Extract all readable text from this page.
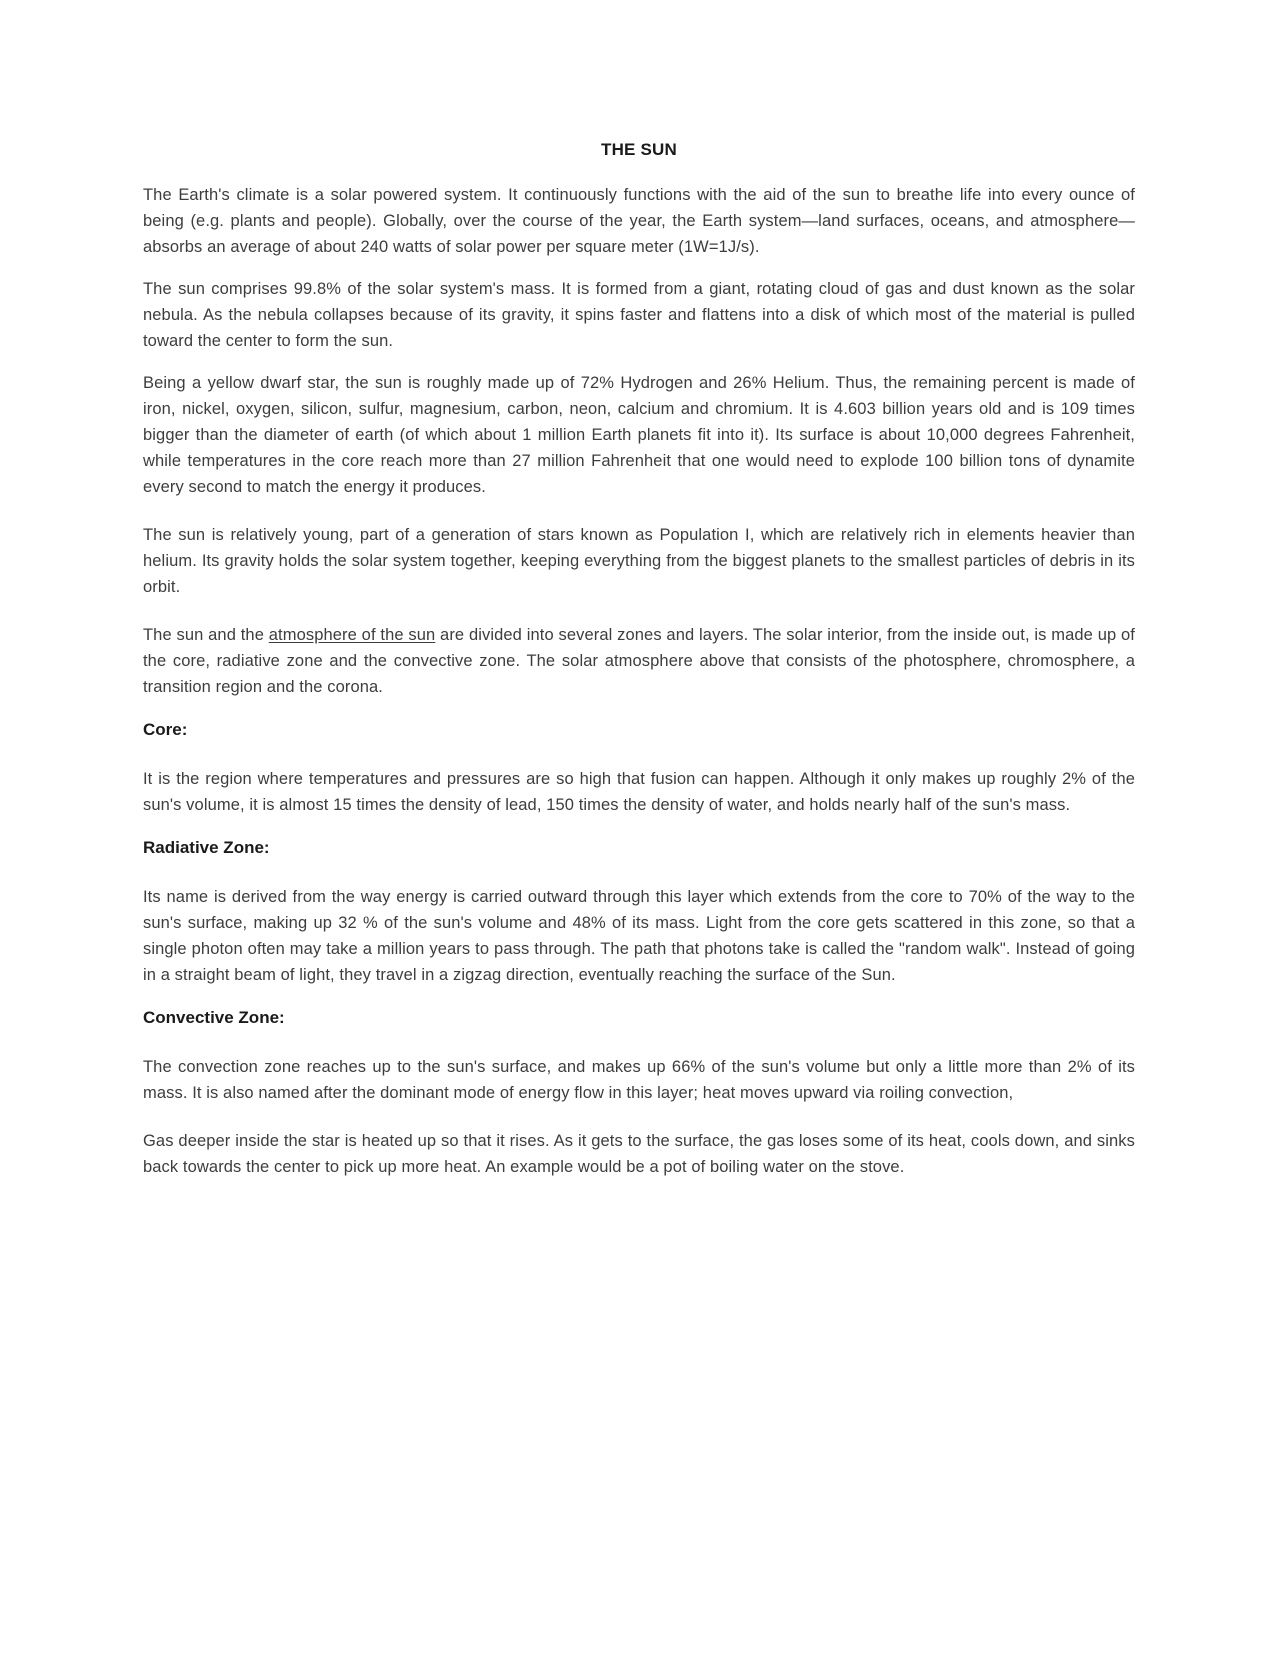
THE SUN

The Earth's climate is a solar powered system. It continuously functions with the aid of the sun to breathe life into every ounce of being (e.g. plants and people). Globally, over the course of the year, the Earth system—land surfaces, oceans, and atmosphere—absorbs an average of about 240 watts of solar power per square meter (1W=1J/s).

The sun comprises 99.8% of the solar system's mass. It is formed from a giant, rotating cloud of gas and dust known as the solar nebula. As the nebula collapses because of its gravity, it spins faster and flattens into a disk of which most of the material is pulled toward the center to form the sun.

Being a yellow dwarf star, the sun is roughly made up of 72% Hydrogen and 26% Helium. Thus, the remaining percent is made of iron, nickel, oxygen, silicon, sulfur, magnesium, carbon, neon, calcium and chromium. It is 4.603 billion years old and is 109 times bigger than the diameter of earth (of which about 1 million Earth planets fit into it). Its surface is about 10,000 degrees Fahrenheit, while temperatures in the core reach more than 27 million Fahrenheit that one would need to explode 100 billion tons of dynamite every second to match the energy it produces.

The sun is relatively young, part of a generation of stars known as Population I, which are relatively rich in elements heavier than helium. Its gravity holds the solar system together, keeping everything from the biggest planets to the smallest particles of debris in its orbit.

The sun and the atmosphere of the sun are divided into several zones and layers. The solar interior, from the inside out, is made up of the core, radiative zone and the convective zone. The solar atmosphere above that consists of the photosphere, chromosphere, a transition region and the corona.

Core:

It is the region where temperatures and pressures are so high that fusion can happen. Although it only makes up roughly 2% of the sun's volume, it is almost 15 times the density of lead, 150 times the density of water, and holds nearly half of the sun's mass.

Radiative Zone:

Its name is derived from the way energy is carried outward through this layer which extends from the core to 70% of the way to the sun's surface, making up 32 % of the sun's volume and 48% of its mass. Light from the core gets scattered in this zone, so that a single photon often may take a million years to pass through. The path that photons take is called the "random walk". Instead of going in a straight beam of light, they travel in a zigzag direction, eventually reaching the surface of the Sun.

Convective Zone:

The convection zone reaches up to the sun's surface, and makes up 66% of the sun's volume but only a little more than 2% of its mass. It is also named after the dominant mode of energy flow in this layer; heat moves upward via roiling convection,

Gas deeper inside the star is heated up so that it rises. As it gets to the surface, the gas loses some of its heat, cools down, and sinks back towards the center to pick up more heat. An example would be a pot of boiling water on the stove.
